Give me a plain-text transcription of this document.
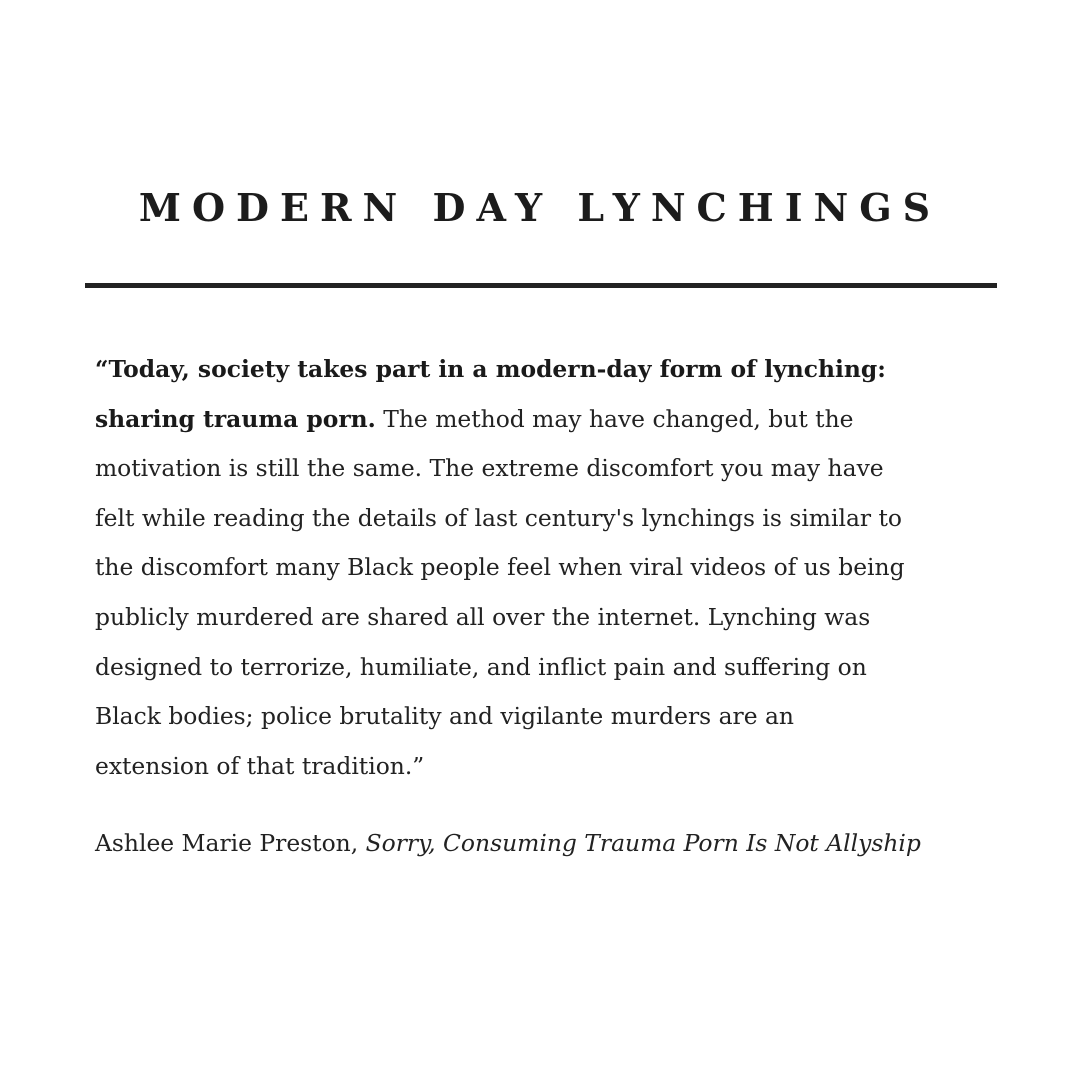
MODERN DAY LYNCHINGS

“Today, society takes part in a modern-day form of lynching:
sharing trauma porn. The method may have changed, but the
motivation is still the same. The extreme discomfort you may have
felt while reading the details of last century's lynchings is similar to
the discomfort many Black people feel when viral videos of us being
publicly murdered are shared all over the internet. Lynching was
designed to terrorize, humiliate, and inflict pain and suffering on
Black bodies; police brutality and vigilante murders are an
extension of that tradition.”

Ashlee Marie Preston, Sorry, Consuming Trauma Porn Is Not Allyship
